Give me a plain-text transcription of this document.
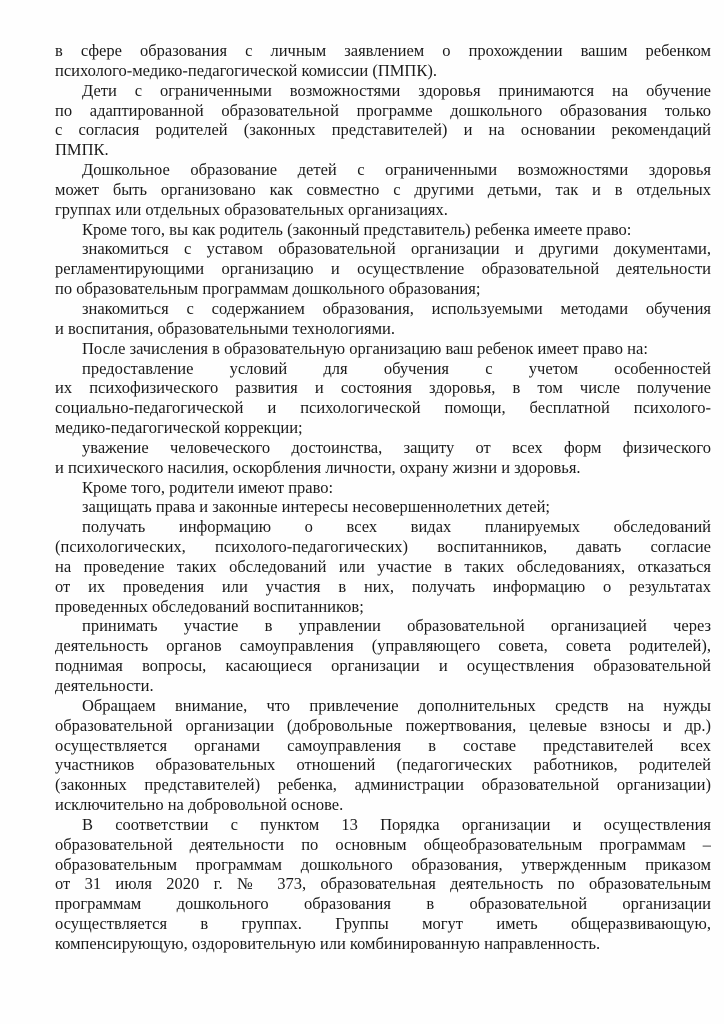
в сфере образования с личным заявлением о прохождении вашим ребенком
психолого-медико-педагогической комиссии (ПМПК).
Дети с ограниченными возможностями здоровья принимаются на обучение
по адаптированной образовательной программе дошкольного образования только
с согласия родителей (законных представителей) и на основании рекомендаций
ПМПК.
Дошкольное образование детей с ограниченными возможностями здоровья
может быть организовано как совместно с другими детьми, так и в отдельных
группах или отдельных образовательных организациях.
Кроме того, вы как родитель (законный представитель) ребенка имеете право:
знакомиться с уставом образовательной организации и другими документами,
регламентирующими организацию и осуществление образовательной деятельности
по образовательным программам дошкольного образования;
знакомиться с содержанием образования, используемыми методами обучения
и воспитания, образовательными технологиями.
После зачисления в образовательную организацию ваш ребенок имеет право на:
предоставление условий для обучения с учетом особенностей
их психофизического развития и состояния здоровья, в том числе получение
социально-педагогической и психологической помощи, бесплатной психолого-
медико-педагогической коррекции;
уважение человеческого достоинства, защиту от всех форм физического
и психического насилия, оскорбления личности, охрану жизни и здоровья.
Кроме того, родители имеют право:
защищать права и законные интересы несовершеннолетних детей;
получать информацию о всех видах планируемых обследований
(психологических, психолого-педагогических) воспитанников, давать согласие
на проведение таких обследований или участие в таких обследованиях, отказаться
от их проведения или участия в них, получать информацию о результатах
проведенных обследований воспитанников;
принимать участие в управлении образовательной организацией через
деятельность органов самоуправления (управляющего совета, совета родителей),
поднимая вопросы, касающиеся организации и осуществления образовательной
деятельности.
Обращаем внимание, что привлечение дополнительных средств на нужды
образовательной организации (добровольные пожертвования, целевые взносы и др.)
осуществляется органами самоуправления в составе представителей всех
участников образовательных отношений (педагогических работников, родителей
(законных представителей) ребенка, администрации образовательной организации)
исключительно на добровольной основе.
В соответствии с пунктом 13 Порядка организации и осуществления
образовательной деятельности по основным общеобразовательным программам –
образовательным программам дошкольного образования, утвержденным приказом
от 31 июля 2020 г. № 373, образовательная деятельность по образовательным
программам дошкольного образования в образовательной организации
осуществляется в группах. Группы могут иметь общеразвивающую,
компенсирующую, оздоровительную или комбинированную направленность.
